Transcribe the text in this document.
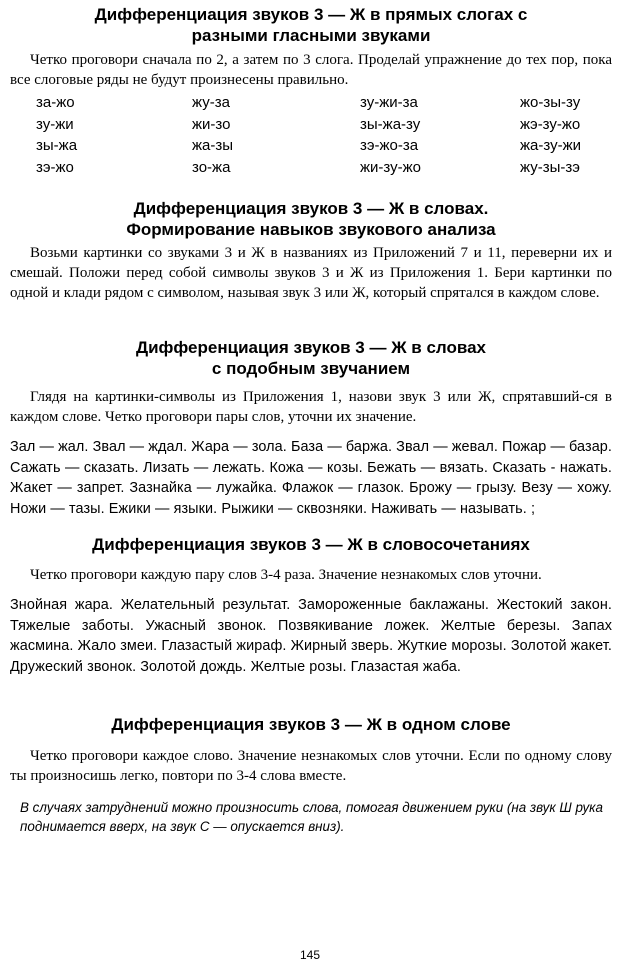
Дифференциация звуков 3 — Ж в прямых слогах с

разными гласными звуками

Четко проговори сначала по 2, а затем по 3 слога. Проделай упражнение до тех пор, пока все слоговые ряды не будут произнесены правильно.

за-жо	жу-за	зу-жи-за	жо-зы-зу
зу-жи	жи-зо	зы-жа-зу	жэ-зу-жо
зы-жа	жа-зы	зэ-жо-за	жа-зу-жи
зэ-жо	зо-жа	жи-зу-жо	жу-зы-зэ

Дифференциация звуков 3 — Ж в словах.

Формирование навыков звукового анализа

Возьми картинки со звуками 3 и Ж в названиях из Приложений 7 и 11, переверни их и смешай. Положи перед собой символы звуков 3 и Ж из Приложения 1. Бери картинки по одной и клади рядом с символом, называя звук 3 или Ж, который спрятался в каждом слове.

Дифференциация звуков 3 — Ж в словах

с подобным звучанием

Глядя на картинки-символы из Приложения 1, назови звук 3 или Ж, спрятавший-ся в каждом слове. Четко проговори пары слов, уточни их значение.

Зал — жал. Звал — ждал. Жара — зола. База — баржа. Звал — жевал. Пожар — базар. Сажать — сказать. Лизать — лежать. Кожа — козы. Бежать — вязать. Сказать - нажать. Жакет — запрет. Зазнайка — лужайка. Флажок — глазок. Брожу — грызу. Везу — хожу. Ножи — тазы. Ежики — языки. Рыжики — сквозняки. Наживать — называть. ;

Дифференциация звуков 3 — Ж в словосочетаниях

Четко проговори каждую пару слов 3-4 раза. Значение незнакомых слов уточни.

Знойная жара. Желательный результат. Замороженные баклажаны. Жестокий закон. Тяжелые заботы. Ужасный звонок. Позвякивание ложек. Желтые березы. Запах жасмина. Жало змеи. Глазастый жираф. Жирный зверь. Жуткие морозы. Золотой жакет. Дружеский звонок. Золотой дождь. Желтые розы. Глазастая жаба.

Дифференциация звуков 3 — Ж в одном слове

Четко проговори каждое слово. Значение незнакомых слов уточни. Если по одному слову ты произносишь легко, повтори по 3-4 слова вместе.

В случаях затруднений можно произносить слова, помогая движением руки (на звук Ш рука поднимается вверх, на звук С — опускается вниз).

145
